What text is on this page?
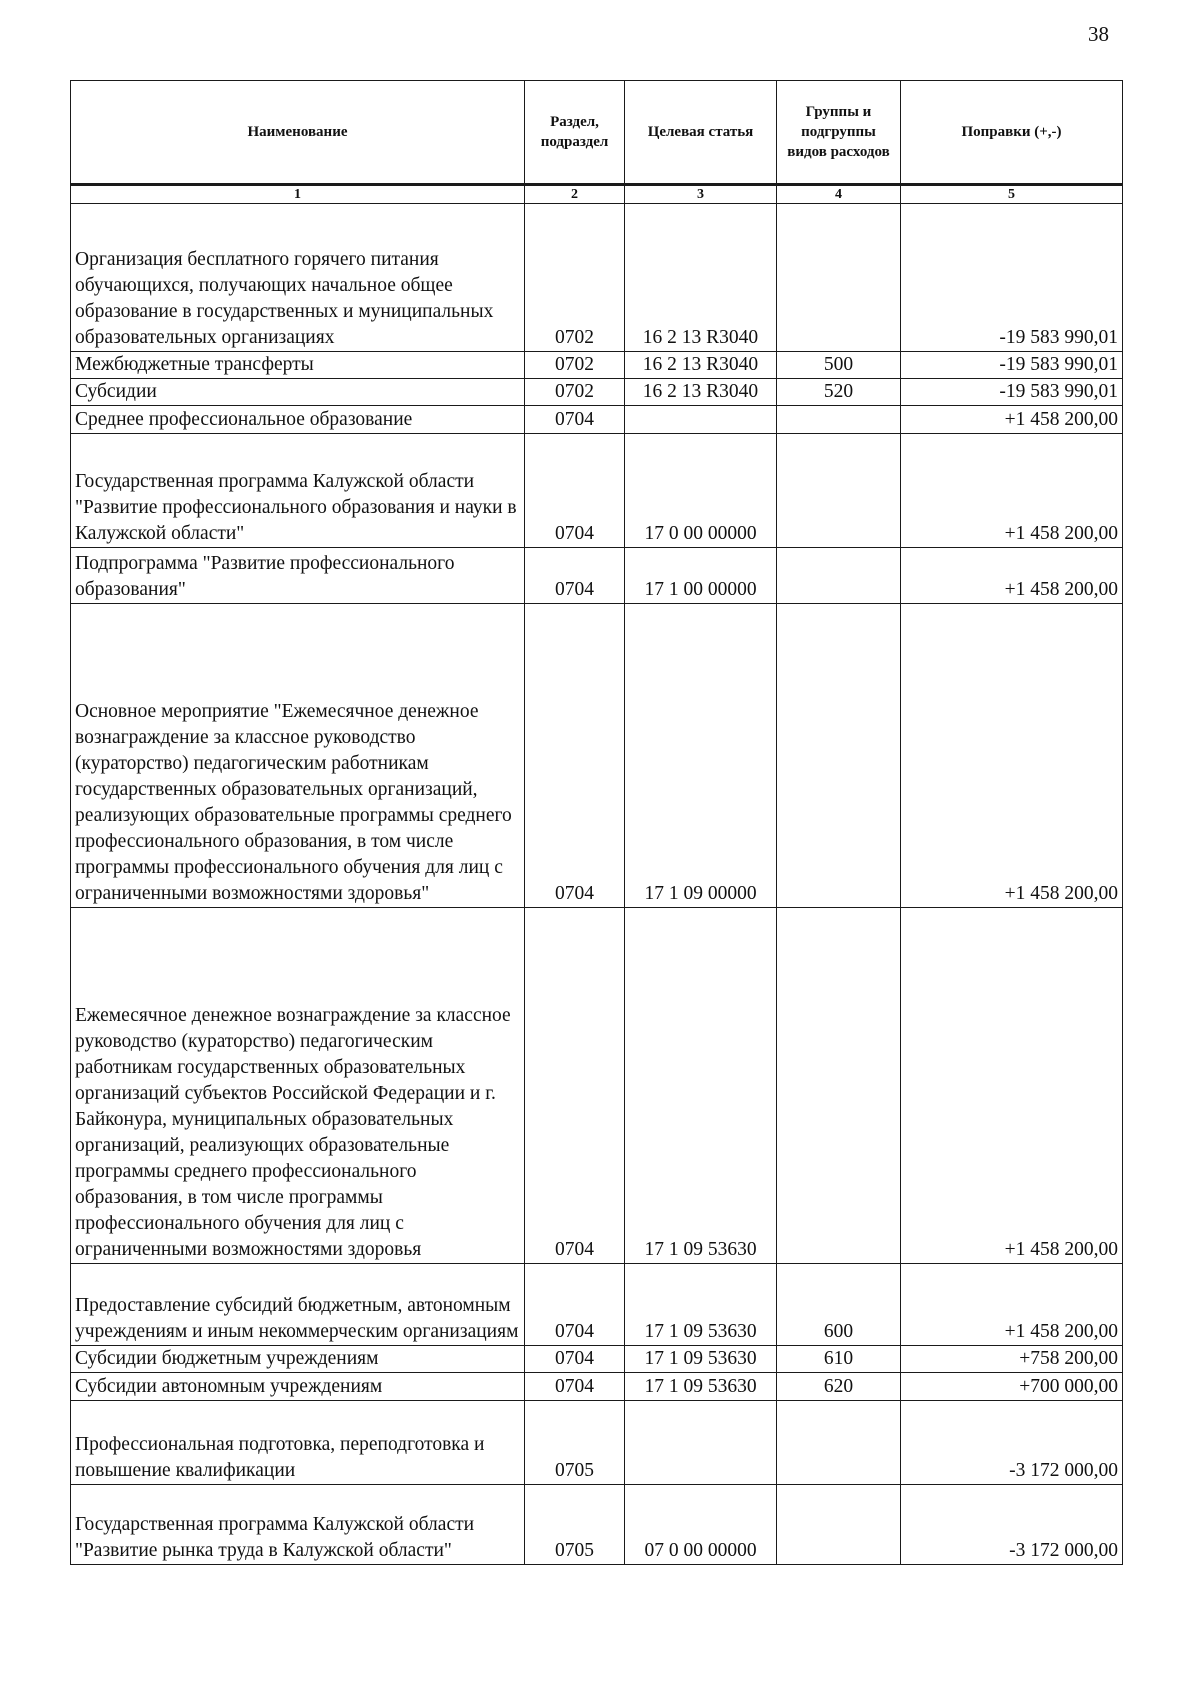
38
Наименование	Раздел, подраздел	Целевая статья	Группы и подгруппы видов расходов	Поправки (+,-)
1	2	3	4	5
Организация бесплатного горячего питания обучающихся, получающих начальное общее образование в государственных и муниципальных образовательных организациях	0702	16 2 13 R3040		-19 583 990,01
Межбюджетные трансферты	0702	16 2 13 R3040	500	-19 583 990,01
Субсидии	0702	16 2 13 R3040	520	-19 583 990,01
Среднее профессиональное образование	0704			+1 458 200,00
Государственная программа Калужской области "Развитие профессионального образования и науки в Калужской области"	0704	17 0 00 00000		+1 458 200,00
Подпрограмма "Развитие профессионального образования"	0704	17 1 00 00000		+1 458 200,00
Основное мероприятие "Ежемесячное денежное вознаграждение за классное руководство (кураторство) педагогическим работникам государственных образовательных организаций, реализующих образовательные программы среднего профессионального образования, в том числе программы профессионального обучения для лиц с ограниченными возможностями здоровья"	0704	17 1 09 00000		+1 458 200,00
Ежемесячное денежное вознаграждение за классное руководство (кураторство) педагогическим работникам государственных образовательных организаций субъектов Российской Федерации и г. Байконура, муниципальных образовательных организаций, реализующих образовательные программы среднего профессионального образования, в том числе программы профессионального обучения для лиц с ограниченными возможностями здоровья	0704	17 1 09 53630		+1 458 200,00
Предоставление субсидий бюджетным, автономным учреждениям и иным некоммерческим организациям	0704	17 1 09 53630	600	+1 458 200,00
Субсидии бюджетным учреждениям	0704	17 1 09 53630	610	+758 200,00
Субсидии автономным учреждениям	0704	17 1 09 53630	620	+700 000,00
Профессиональная подготовка, переподготовка и повышение квалификации	0705			-3 172 000,00
Государственная программа Калужской области "Развитие рынка труда в Калужской области"	0705	07 0 00 00000		-3 172 000,00
